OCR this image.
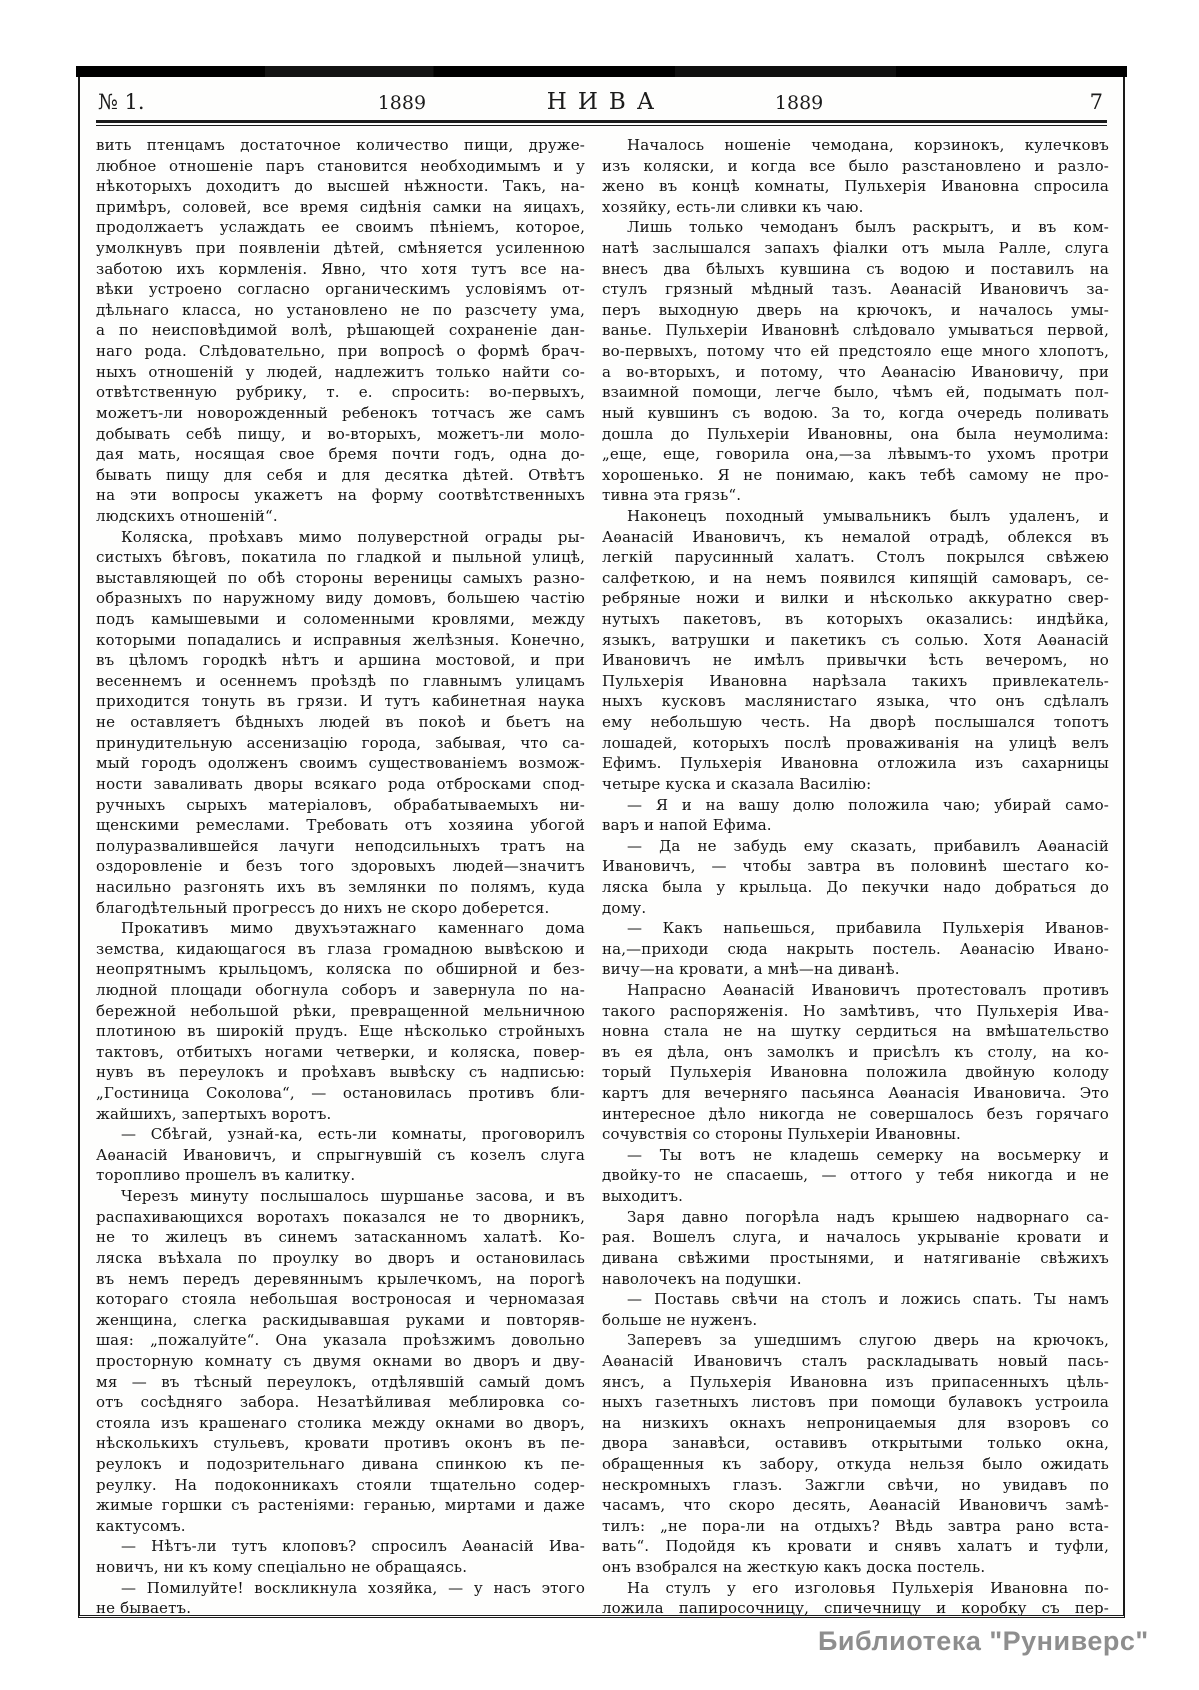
№ 1.	1889	НИВА	1889	7
вить птенцамъ достаточное количество пищи, друже-
любное отношеніе паръ становится необходимымъ и у
нѣкоторыхъ доходитъ до высшей нѣжности. Такъ, на-
примѣръ, соловей, все время сидѣнія самки на яицахъ,
продолжаетъ услаждать ее своимъ пѣніемъ, которое,
умолкнувъ при появленіи дѣтей, смѣняется усиленною
заботою ихъ кормленія. Явно, что хотя тутъ все на-
вѣки устроено согласно органическимъ условіямъ от-
дѣльнаго класса, но установлено не по разсчету ума,
а по неисповѣдимой волѣ, рѣшающей сохраненіе дан-
наго рода. Слѣдовательно, при вопросѣ о формѣ брач-
ныхъ отношеній у людей, надлежитъ только найти со-
отвѣтственную рубрику, т. е. спросить: во-первыхъ,
можетъ-ли новорожденный ребенокъ тотчасъ же самъ
добывать себѣ пищу, и во-вторыхъ, можетъ-ли моло-
дая мать, носящая свое бремя почти годъ, одна до-
бывать пищу для себя и для десятка дѣтей. Отвѣтъ
на эти вопросы укажетъ на форму соотвѣтственныхъ
людскихъ отношеній“.
Коляска, проѣхавъ мимо полуверстной ограды ры-
систыхъ бѣговъ, покатила по гладкой и пыльной улицѣ,
выставляющей по обѣ стороны вереницы самыхъ разно-
образныхъ по наружному виду домовъ, большею частію
подъ камышевыми и соломенными кровлями, между
которыми попадались и исправныя желѣзныя. Конечно,
въ цѣломъ городкѣ нѣтъ и аршина мостовой, и при
весеннемъ и осеннемъ проѣздѣ по главнымъ улицамъ
приходится тонуть въ грязи. И тутъ кабинетная наука
не оставляетъ бѣдныхъ людей въ покоѣ и бьетъ на
принудительную ассенизацію города, забывая, что са-
мый городъ одолженъ своимъ существованіемъ возмож-
ности заваливать дворы всякаго рода отбросками спод-
ручныхъ сырыхъ матеріаловъ, обрабатываемыхъ ни-
щенскими ремеслами. Требовать отъ хозяина убогой
полуразвалившейся лачуги неподсильныхъ тратъ на
оздоровленіе и безъ того здоровыхъ людей—значитъ
насильно разгонять ихъ въ землянки по полямъ, куда
благодѣтельный прогрессъ до нихъ не скоро доберется.
Прокативъ мимо двухъэтажнаго каменнаго дома
земства, кидающагося въ глаза громадною вывѣскою и
неопрятнымъ крыльцомъ, коляска по обширной и без-
людной площади обогнула соборъ и завернула по на-
бережной небольшой рѣки, превращенной мельничною
плотиною въ широкій прудъ. Еще нѣсколько стройныхъ
тактовъ, отбитыхъ ногами четверки, и коляска, повер-
нувъ въ переулокъ и проѣхавъ вывѣску съ надписью:
„Гостиница Соколова“, — остановилась противъ бли-
жайшихъ, запертыхъ воротъ.
— Сбѣгай, узнай-ка, есть-ли комнаты, проговорилъ
Аѳанасій Ивановичъ, и спрыгнувшій съ козелъ слуга
торопливо прошелъ въ калитку.
Черезъ минуту послышалось шуршанье засова, и въ
распахивающихся воротахъ показался не то дворникъ,
не то жилецъ въ синемъ затасканномъ халатѣ. Ко-
ляска въѣхала по проулку во дворъ и остановилась
въ немъ передъ деревяннымъ крылечкомъ, на порогѣ
котораго стояла небольшая востроносая и черномазая
женщина, слегка раскидывавшая руками и повторяв-
шая: „пожалуйте“. Она указала проѣзжимъ довольно
просторную комнату съ двумя окнами во дворъ и дву-
мя — въ тѣсный переулокъ, отдѣлявшій самый домъ
отъ сосѣдняго забора. Незатѣйливая меблировка со-
стояла изъ крашенаго столика между окнами во дворъ,
нѣсколькихъ стульевъ, кровати противъ оконъ въ пе-
реулокъ и подозрительнаго дивана спинкою къ пе-
реулку. На подоконникахъ стояли тщательно содер-
жимые горшки съ растеніями: геранью, миртами и даже
кактусомъ.
— Нѣтъ-ли тутъ клоповъ? спросилъ Аѳанасій Ива-
новичъ, ни къ кому спеціально не обращаясь.
— Помилуйте! воскликнула хозяйка, — у насъ этого
не бываетъ.
Началось ношеніе чемодана, корзинокъ, кулечковъ
изъ коляски, и когда все было разстановлено и разло-
жено въ концѣ комнаты, Пульхерія Ивановна спросила
хозяйку, есть-ли сливки къ чаю.
Лишь только чемоданъ былъ раскрытъ, и въ ком-
натѣ заслышался запахъ фіалки отъ мыла Ралле, слуга
внесъ два бѣлыхъ кувшина съ водою и поставилъ на
стулъ грязный мѣдный тазъ. Аѳанасій Ивановичъ за-
перъ выходную дверь на крючокъ, и началось умы-
ванье. Пульхеріи Ивановнѣ слѣдовало умываться первой,
во-первыхъ, потому что ей предстояло еще много хлопотъ,
а во-вторыхъ, и потому, что Аѳанасію Ивановичу, при
взаимной помощи, легче было, чѣмъ ей, подымать пол-
ный кувшинъ съ водою. За то, когда очередь поливать
дошла до Пульхеріи Ивановны, она была неумолима:
„еще, еще, говорила она,—за лѣвымъ-то ухомъ протри
хорошенько. Я не понимаю, какъ тебѣ самому не про-
тивна эта грязь“.
Наконецъ походный умывальникъ былъ удаленъ, и
Аѳанасій Ивановичъ, къ немалой отрадѣ, облекся въ
легкій парусинный халатъ. Столъ покрылся свѣжею
салфеткою, и на немъ появился кипящій самоваръ, се-
ребряные ножи и вилки и нѣсколько аккуратно свер-
нутыхъ пакетовъ, въ которыхъ оказались: индѣйка,
языкъ, ватрушки и пакетикъ съ солью. Хотя Аѳанасій
Ивановичъ не имѣлъ привычки ѣсть вечеромъ, но
Пульхерія Ивановна нарѣзала такихъ привлекатель-
ныхъ кусковъ маслянистаго языка, что онъ сдѣлалъ
ему небольшую честь. На дворѣ послышался топотъ
лошадей, которыхъ послѣ проваживанія на улицѣ велъ
Ефимъ. Пульхерія Ивановна отложила изъ сахарницы
четыре куска и сказала Василію:
— Я и на вашу долю положила чаю; убирай само-
варъ и напой Ефима.
— Да не забудь ему сказать, прибавилъ Аѳанасій
Ивановичъ, — чтобы завтра въ половинѣ шестаго ко-
ляска была у крыльца. До пекучки надо добраться до
дому.
— Какъ напьешься, прибавила Пульхерія Иванов-
на,—приходи сюда накрыть постель. Аѳанасію Ивано-
вичу—на кровати, а мнѣ—на диванѣ.
Напрасно Аѳанасій Ивановичъ протестовалъ противъ
такого распоряженія. Но замѣтивъ, что Пульхерія Ива-
новна стала не на шутку сердиться на вмѣшательство
въ ея дѣла, онъ замолкъ и присѣлъ къ столу, на ко-
торый Пульхерія Ивановна положила двойную колоду
картъ для вечерняго пасьянса Аѳанасія Ивановича. Это
интересное дѣло никогда не совершалось безъ горячаго
сочувствія со стороны Пульхеріи Ивановны.
— Ты вотъ не кладешь семерку на восьмерку и
двойку-то не спасаешь, — оттого у тебя никогда и не
выходитъ.
Заря давно погорѣла надъ крышею надворнаго са-
рая. Вошелъ слуга, и началось укрываніе кровати и
дивана свѣжими простынями, и натягиваніе свѣжихъ
наволочекъ на подушки.
— Поставь свѣчи на столъ и ложись спать. Ты намъ
больше не нуженъ.
Заперевъ за ушедшимъ слугою дверь на крючокъ,
Аѳанасій Ивановичъ сталъ раскладывать новый пась-
янсъ, а Пульхерія Ивановна изъ припасенныхъ цѣль-
ныхъ газетныхъ листовъ при помощи булавокъ устроила
на низкихъ окнахъ непроницаемыя для взоровъ со
двора занавѣси, оставивъ открытыми только окна,
обращенныя къ забору, откуда нельзя было ожидать
нескромныхъ глазъ. Зажгли свѣчи, но увидавъ по
часамъ, что скоро десять, Аѳанасій Ивановичъ замѣ-
тилъ: „не пора-ли на отдыхъ? Вѣдь завтра рано вста-
вать“. Подойдя къ кровати и снявъ халатъ и туфли,
онъ взобрался на жесткую какъ доска постель.
На стулъ у его изголовья Пульхерія Ивановна по-
ложила папиросочницу, спичечницу и коробку съ пер-
Библиотека "Руниверс"
